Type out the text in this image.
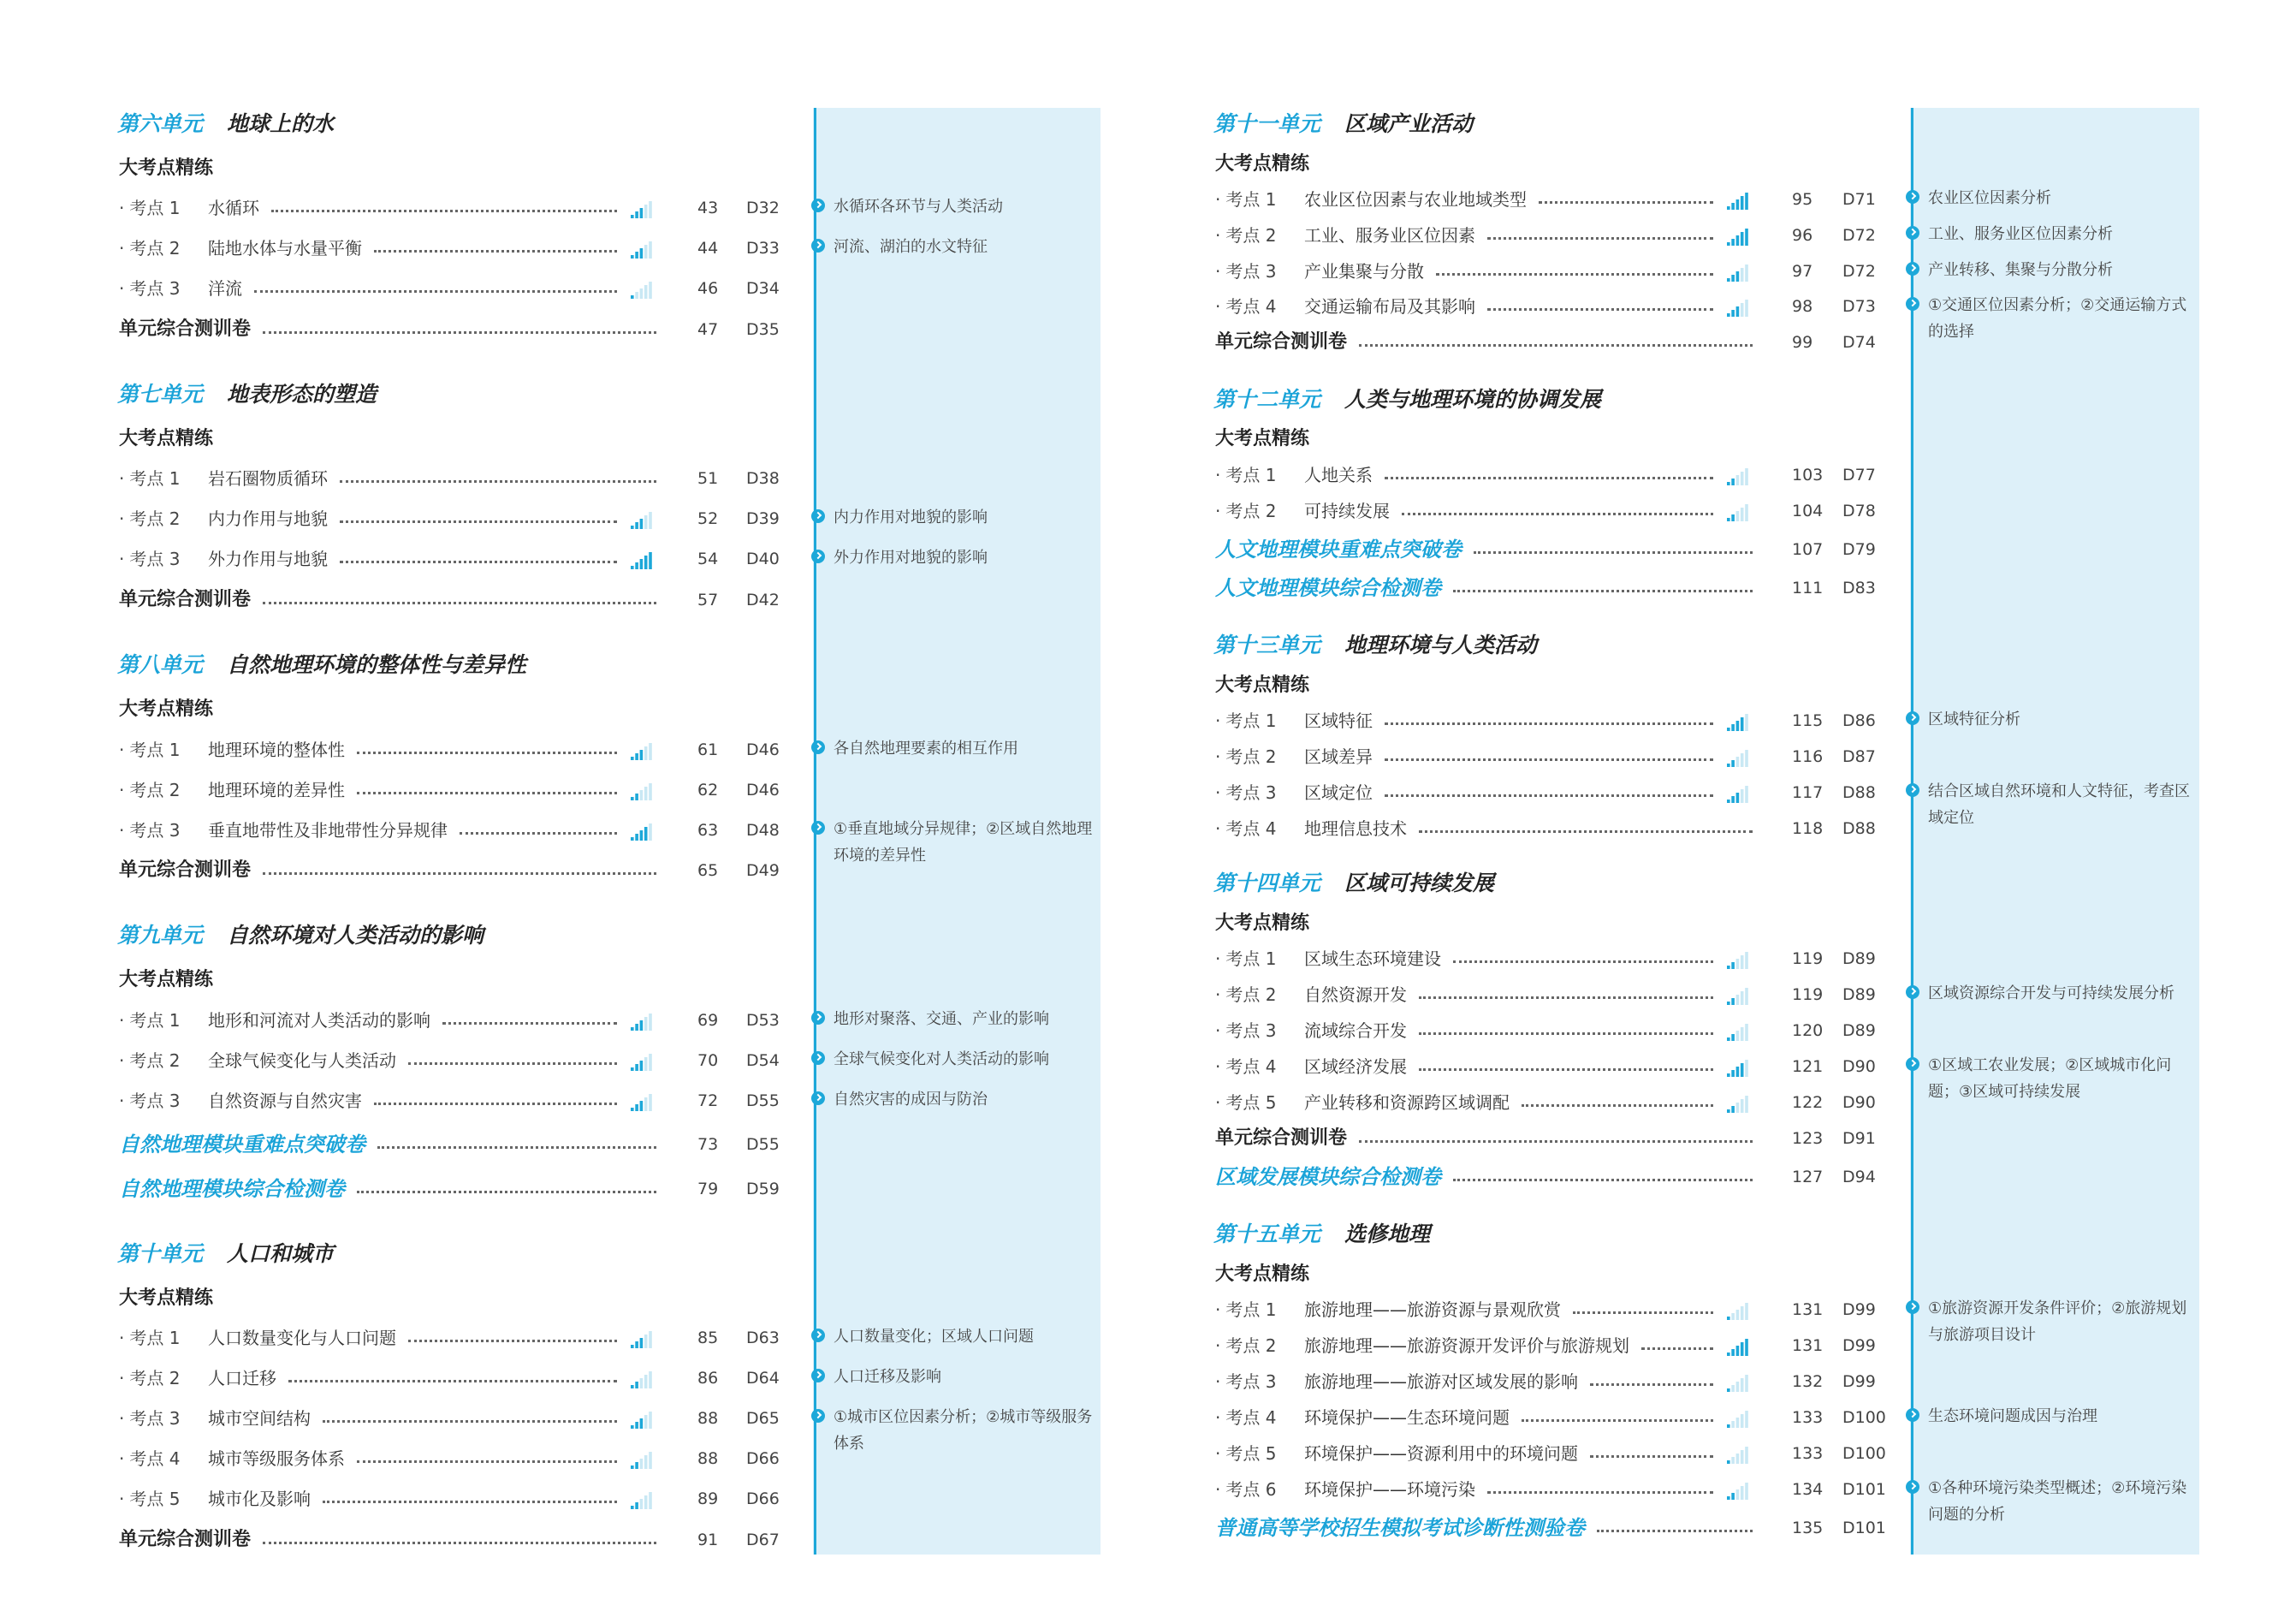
第六单元 地球上的水
大考点精练
· 考点 1 水循环	43 D32	水循环各环节与人类活动
· 考点 2 陆地水体与水量平衡	44 D33	河流、湖泊的水文特征
· 考点 3 洋流	46 D34
单元综合测训卷	47 D35
第七单元 地表形态的塑造
大考点精练
· 考点 1 岩石圈物质循环	51 D38
· 考点 2 内力作用与地貌	52 D39	内力作用对地貌的影响
· 考点 3 外力作用与地貌	54 D40	外力作用对地貌的影响
单元综合测训卷	57 D42
第八单元 自然地理环境的整体性与差异性
大考点精练
· 考点 1 地理环境的整体性	61 D46	各自然地理要素的相互作用
· 考点 2 地理环境的差异性	62 D46
· 考点 3 垂直地带性及非地带性分异规律	63 D48	①垂直地域分异规律；②区域自然地理环境的差异性
单元综合测训卷	65 D49
第九单元 自然环境对人类活动的影响
大考点精练
· 考点 1 地形和河流对人类活动的影响	69 D53	地形对聚落、交通、产业的影响
· 考点 2 全球气候变化与人类活动	70 D54	全球气候变化对人类活动的影响
· 考点 3 自然资源与自然灾害	72 D55	自然灾害的成因与防治
自然地理模块重难点突破卷	73 D55
自然地理模块综合检测卷	79 D59
第十单元 人口和城市
大考点精练
· 考点 1 人口数量变化与人口问题	85 D63	人口数量变化；区域人口问题
· 考点 2 人口迁移	86 D64	人口迁移及影响
· 考点 3 城市空间结构	88 D65	①城市区位因素分析；②城市等级服务体系
· 考点 4 城市等级服务体系	88 D66
· 考点 5 城市化及影响	89 D66
单元综合测训卷	91 D67
第十一单元 区域产业活动
大考点精练
· 考点 1 农业区位因素与农业地域类型	95 D71	农业区位因素分析
· 考点 2 工业、服务业区位因素	96 D72	工业、服务业区位因素分析
· 考点 3 产业集聚与分散	97 D72	产业转移、集聚与分散分析
· 考点 4 交通运输布局及其影响	98 D73	①交通区位因素分析；②交通运输方式的选择
单元综合测训卷	99 D74
第十二单元 人类与地理环境的协调发展
大考点精练
· 考点 1 人地关系	103 D77
· 考点 2 可持续发展	104 D78
人文地理模块重难点突破卷	107 D79
人文地理模块综合检测卷	111 D83
第十三单元 地理环境与人类活动
大考点精练
· 考点 1 区域特征	115 D86	区域特征分析
· 考点 2 区域差异	116 D87
· 考点 3 区域定位	117 D88	结合区域自然环境和人文特征，考查区域定位
· 考点 4 地理信息技术	118 D88
第十四单元 区域可持续发展
大考点精练
· 考点 1 区域生态环境建设	119 D89
· 考点 2 自然资源开发	119 D89	区域资源综合开发与可持续发展分析
· 考点 3 流域综合开发	120 D89
· 考点 4 区域经济发展	121 D90	①区域工农业发展；②区域城市化问题；③区域可持续发展
· 考点 5 产业转移和资源跨区域调配	122 D90
单元综合测训卷	123 D91
区域发展模块综合检测卷	127 D94
第十五单元 选修地理
大考点精练
· 考点 1 旅游地理——旅游资源与景观欣赏	131 D99	①旅游资源开发条件评价；②旅游规划与旅游项目设计
· 考点 2 旅游地理——旅游资源开发评价与旅游规划	131 D99
· 考点 3 旅游地理——旅游对区域发展的影响	132 D99
· 考点 4 环境保护——生态环境问题	133 D100	生态环境问题成因与治理
· 考点 5 环境保护——资源利用中的环境问题	133 D100
· 考点 6 环境保护——环境污染	134 D101	①各种环境污染类型概述；②环境污染问题的分析
普通高等学校招生模拟考试诊断性测验卷	135 D101
